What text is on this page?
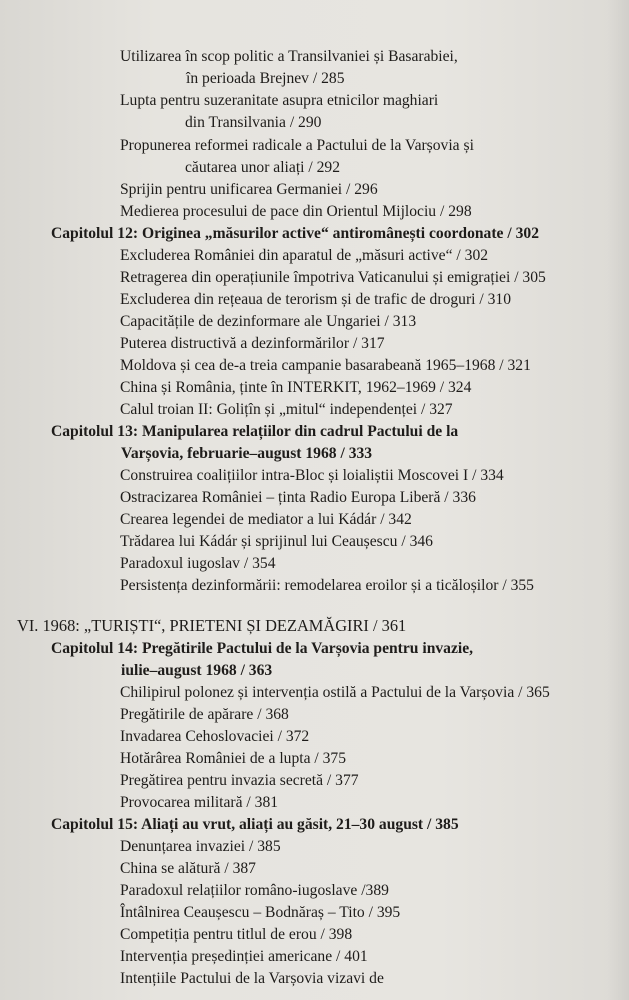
Utilizarea în scop politic a Transilvaniei și Basarabiei,
în perioada Brejnev / 285
Lupta pentru suzeranitate asupra etnicilor maghiari
din Transilvania / 290
Propunerea reformei radicale a Pactului de la Varșovia și
căutarea unor aliați / 292
Sprijin pentru unificarea Germaniei / 296
Medierea procesului de pace din Orientul Mijlociu / 298
Capitolul 12: Originea „măsurilor active“ antiromânești coordonate / 302
Excluderea României din aparatul de „măsuri active“ / 302
Retragerea din operațiunile împotriva Vaticanului și emigrației / 305
Excluderea din rețeaua de terorism și de trafic de droguri / 310
Capacitățile de dezinformare ale Ungariei / 313
Puterea distructivă a dezinformărilor / 317
Moldova și cea de-a treia campanie basarabeană 1965–1968 / 321
China și România, ținte în INTERKIT, 1962–1969 / 324
Calul troian II: Golițîn și „mitul“ independenței / 327
Capitolul 13: Manipularea relațiilor din cadrul Pactului de la
Varșovia, februarie–august 1968 / 333
Construirea coalițiilor intra-Bloc și loialiștii Moscovei I / 334
Ostracizarea României – ținta Radio Europa Liberă / 336
Crearea legendei de mediator a lui Kádár / 342
Trădarea lui Kádár și sprijinul lui Ceaușescu / 346
Paradoxul iugoslav / 354
Persistența dezinformării: remodelarea eroilor și a ticăloșilor / 355
VI. 1968: „TURIȘTI“, PRIETENI ȘI DEZAMĂGIRI / 361
Capitolul 14: Pregătirile Pactului de la Varșovia pentru invazie,
iulie–august 1968 / 363
Chilipirul polonez și intervenția ostilă a Pactului de la Varșovia / 365
Pregătirile de apărare / 368
Invadarea Cehoslovaciei / 372
Hotărârea României de a lupta / 375
Pregătirea pentru invazia secretă / 377
Provocarea militară / 381
Capitolul 15: Aliați au vrut, aliați au găsit, 21–30 august / 385
Denunțarea invaziei / 385
China se alătură / 387
Paradoxul relațiilor româno-iugoslave /389
Întâlnirea Ceaușescu – Bodnăraș – Tito / 395
Competiția pentru titlul de erou / 398
Intervenția președinției americane / 401
Intențiile Pactului de la Varșovia vizavi de
